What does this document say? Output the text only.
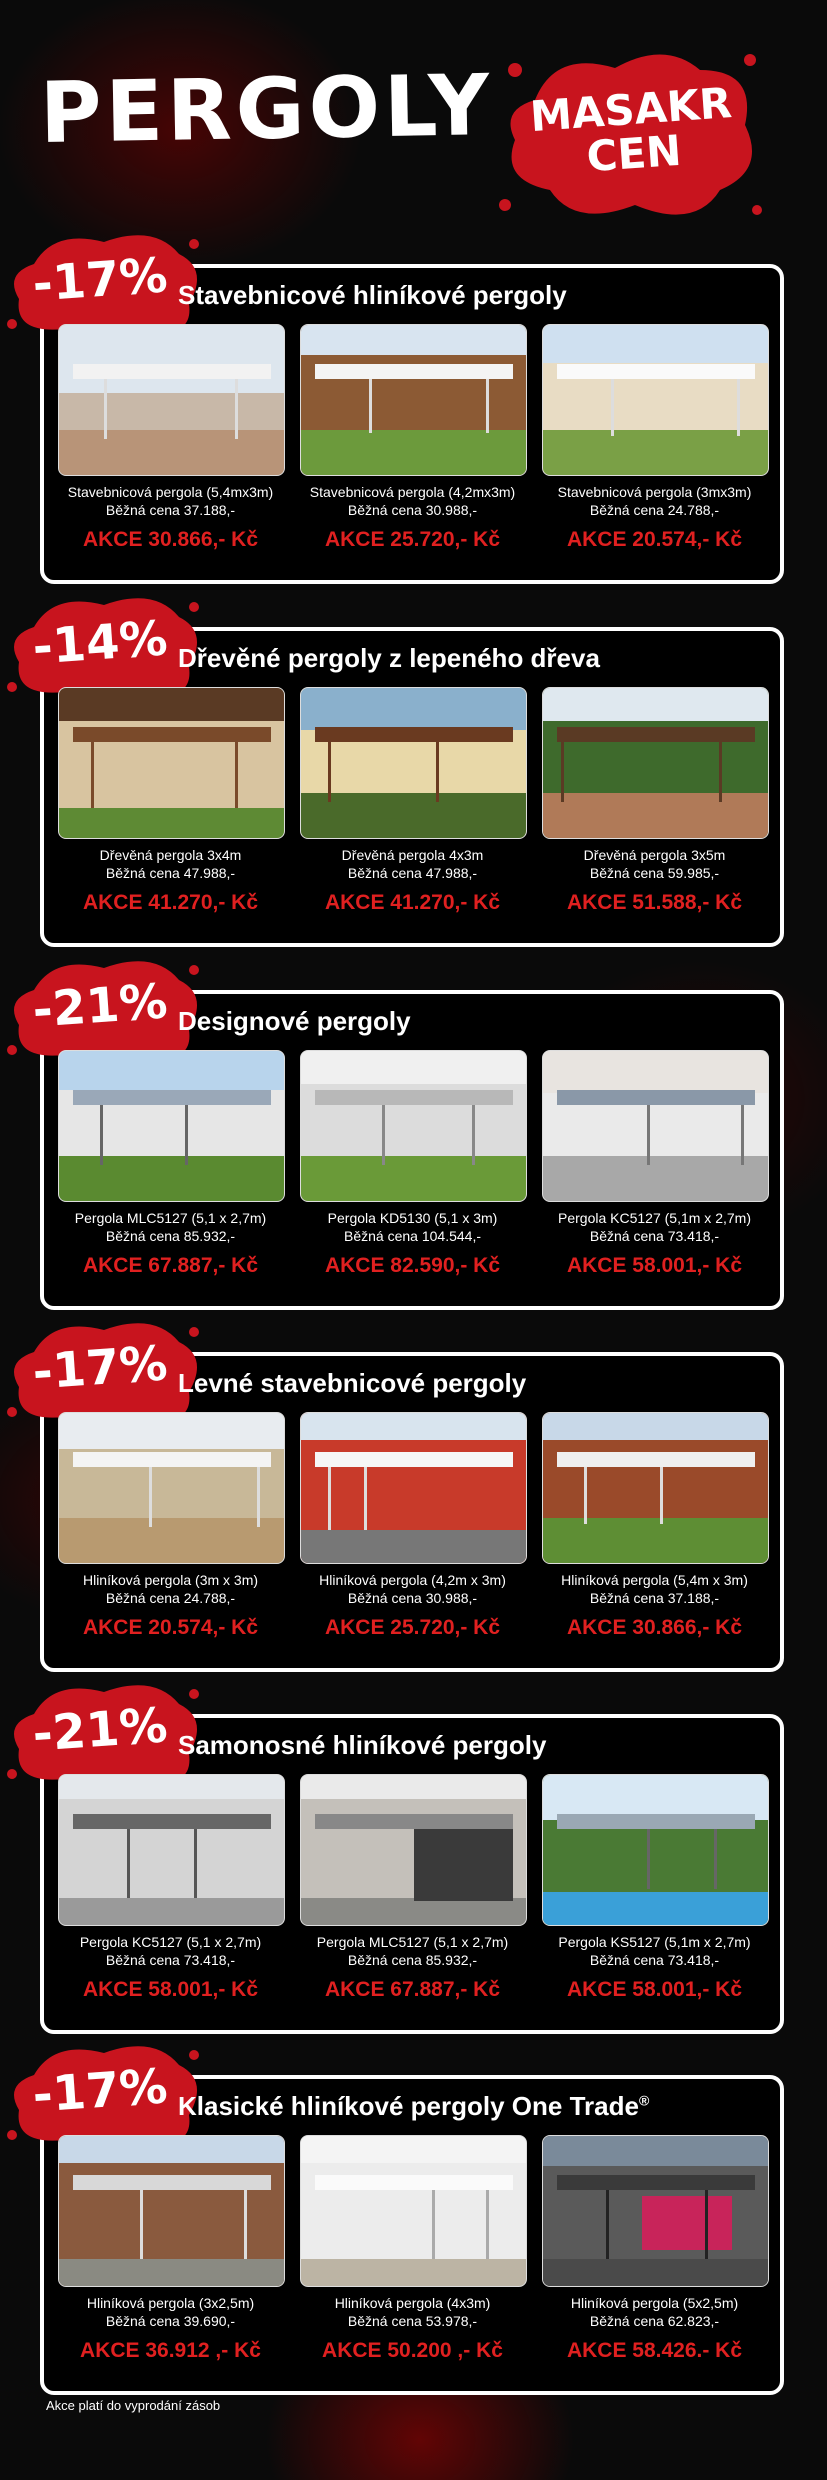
PERGOLY MASAKR
CEN
-17% Stavebnicové hliníkové pergoly
Stavebnicová pergola (5,4mx3m)
Běžná cena 37.188,-
AKCE 30.866,- Kč
Stavebnicová pergola (4,2mx3m)
Běžná cena 30.988,-
AKCE 25.720,- Kč
Stavebnicová pergola (3mx3m)
Běžná cena 24.788,-
AKCE 20.574,- Kč
-14% Dřevěné pergoly z lepeného dřeva
Dřevěná pergola 3x4m
Běžná cena 47.988,-
AKCE 41.270,- Kč
Dřevěná pergola 4x3m
Běžná cena 47.988,-
AKCE 41.270,- Kč
Dřevěná pergola 3x5m
Běžná cena 59.985,-
AKCE 51.588,- Kč
-21% Designové pergoly
Pergola MLC5127 (5,1 x 2,7m)
Běžná cena 85.932,-
AKCE 67.887,- Kč
Pergola KD5130 (5,1 x 3m)
Běžná cena 104.544,-
AKCE 82.590,- Kč
Pergola KC5127 (5,1m x 2,7m)
Běžná cena 73.418,-
AKCE 58.001,- Kč
-17% Levné stavebnicové pergoly
Hliníková pergola (3m x 3m)
Běžná cena 24.788,-
AKCE 20.574,- Kč
Hliníková pergola (4,2m x 3m)
Běžná cena 30.988,-
AKCE 25.720,- Kč
Hliníková pergola (5,4m x 3m)
Běžná cena 37.188,-
AKCE 30.866,- Kč
-21% Samonosné hliníkové pergoly
Pergola KC5127 (5,1 x 2,7m)
Běžná cena 73.418,-
AKCE 58.001,- Kč
Pergola MLC5127 (5,1 x 2,7m)
Běžná cena 85.932,-
AKCE 67.887,- Kč
Pergola KS5127 (5,1m x 2,7m)
Běžná cena 73.418,-
AKCE 58.001,- Kč
-17% Klasické hliníkové pergoly One Trade®
Hliníková pergola (3x2,5m)
Běžná cena 39.690,-
AKCE 36.912 ,- Kč
Hliníková pergola (4x3m)
Běžná cena 53.978,-
AKCE 50.200 ,- Kč
Hliníková pergola (5x2,5m)
Běžná cena 62.823,-
AKCE 58.426.- Kč
Akce platí do vyprodání zásob
